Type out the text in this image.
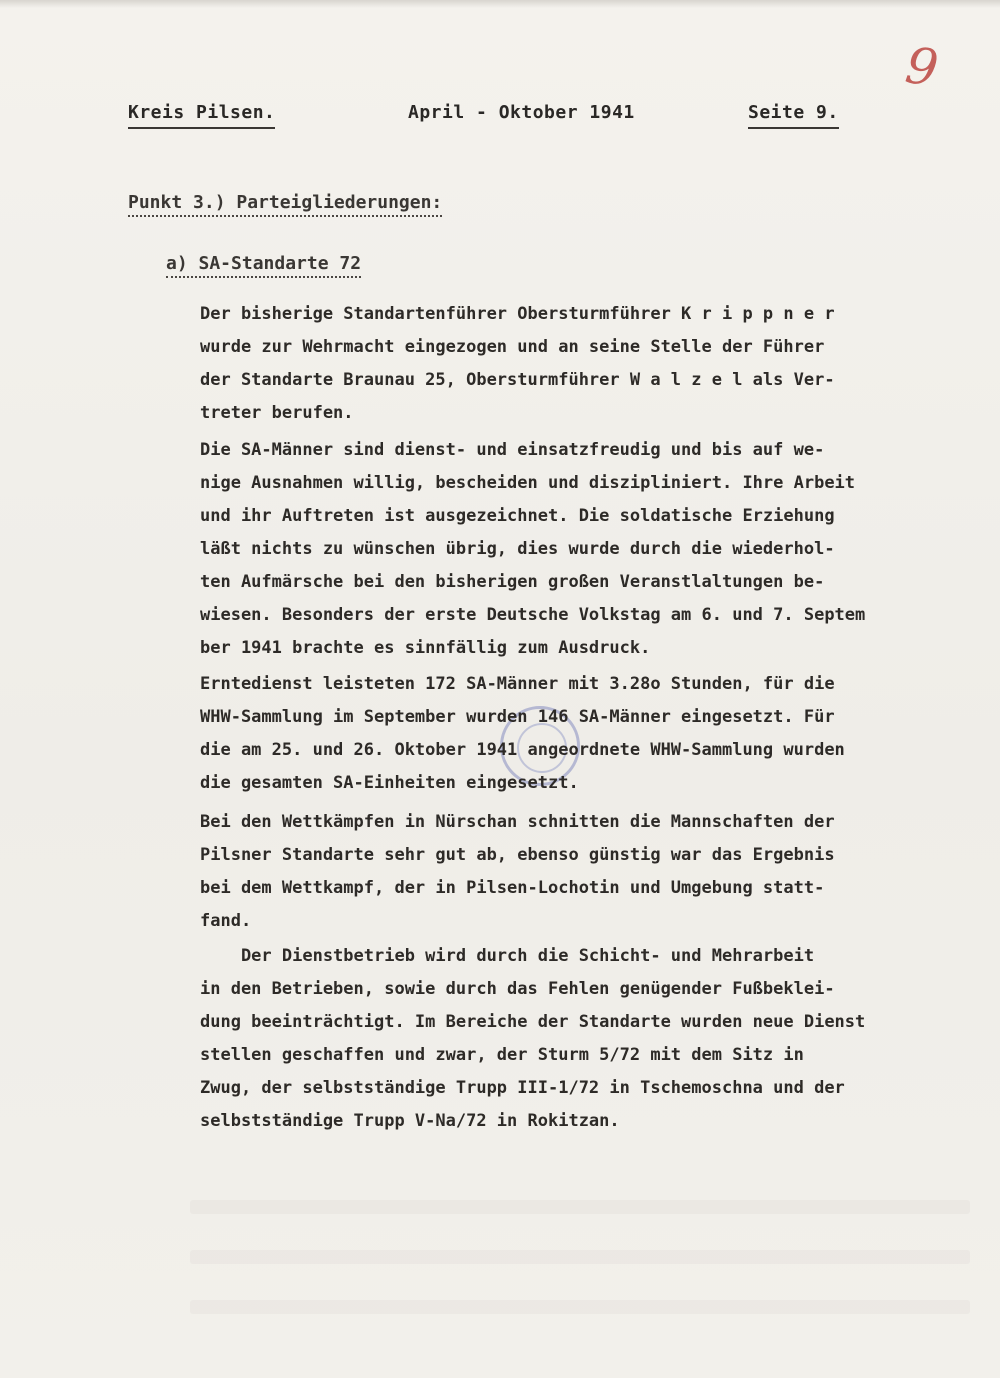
9
Kreis Pilsen.	April - Oktober 1941	Seite 9.
Punkt 3.) Parteigliederungen:
a) SA-Standarte 72
Der bisherige Standartenführer Obersturmführer K r i p p n e r
wurde zur Wehrmacht eingezogen und an seine Stelle der Führer
der Standarte Braunau 25, Obersturmführer W a l z e l als Ver-
treter berufen.
Die SA-Männer sind dienst- und einsatzfreudig und bis auf we-
nige Ausnahmen willig, bescheiden und diszipliniert. Ihre Arbeit
und ihr Auftreten ist ausgezeichnet. Die soldatische Erziehung
läßt nichts zu wünschen übrig, dies wurde durch die wiederhol-
ten Aufmärsche bei den bisherigen großen Veranstlaltungen be-
wiesen. Besonders der erste Deutsche Volkstag am 6. und 7. Septem
ber 1941 brachte es sinnfällig zum Ausdruck.
Erntedienst leisteten 172 SA-Männer mit 3.28o Stunden, für die
WHW-Sammlung im September wurden 146 SA-Männer eingesetzt. Für
die am 25. und 26. Oktober 1941 angeordnete WHW-Sammlung wurden
die gesamten SA-Einheiten eingesetzt.
Bei den Wettkämpfen in Nürschan schnitten die Mannschaften der
Pilsner Standarte sehr gut ab, ebenso günstig war das Ergebnis
bei dem Wettkampf, der in Pilsen-Lochotin und Umgebung statt-
fand.
Der Dienstbetrieb wird durch die Schicht- und Mehrarbeit
in den Betrieben, sowie durch das Fehlen genügender Fußbeklei-
dung beeinträchtigt. Im Bereiche der Standarte wurden neue Dienst
stellen geschaffen und zwar, der Sturm 5/72 mit dem Sitz in
Zwug, der selbstständige Trupp III-1/72 in Tschemoschna und der
selbstständige Trupp V-Na/72 in Rokitzan.
